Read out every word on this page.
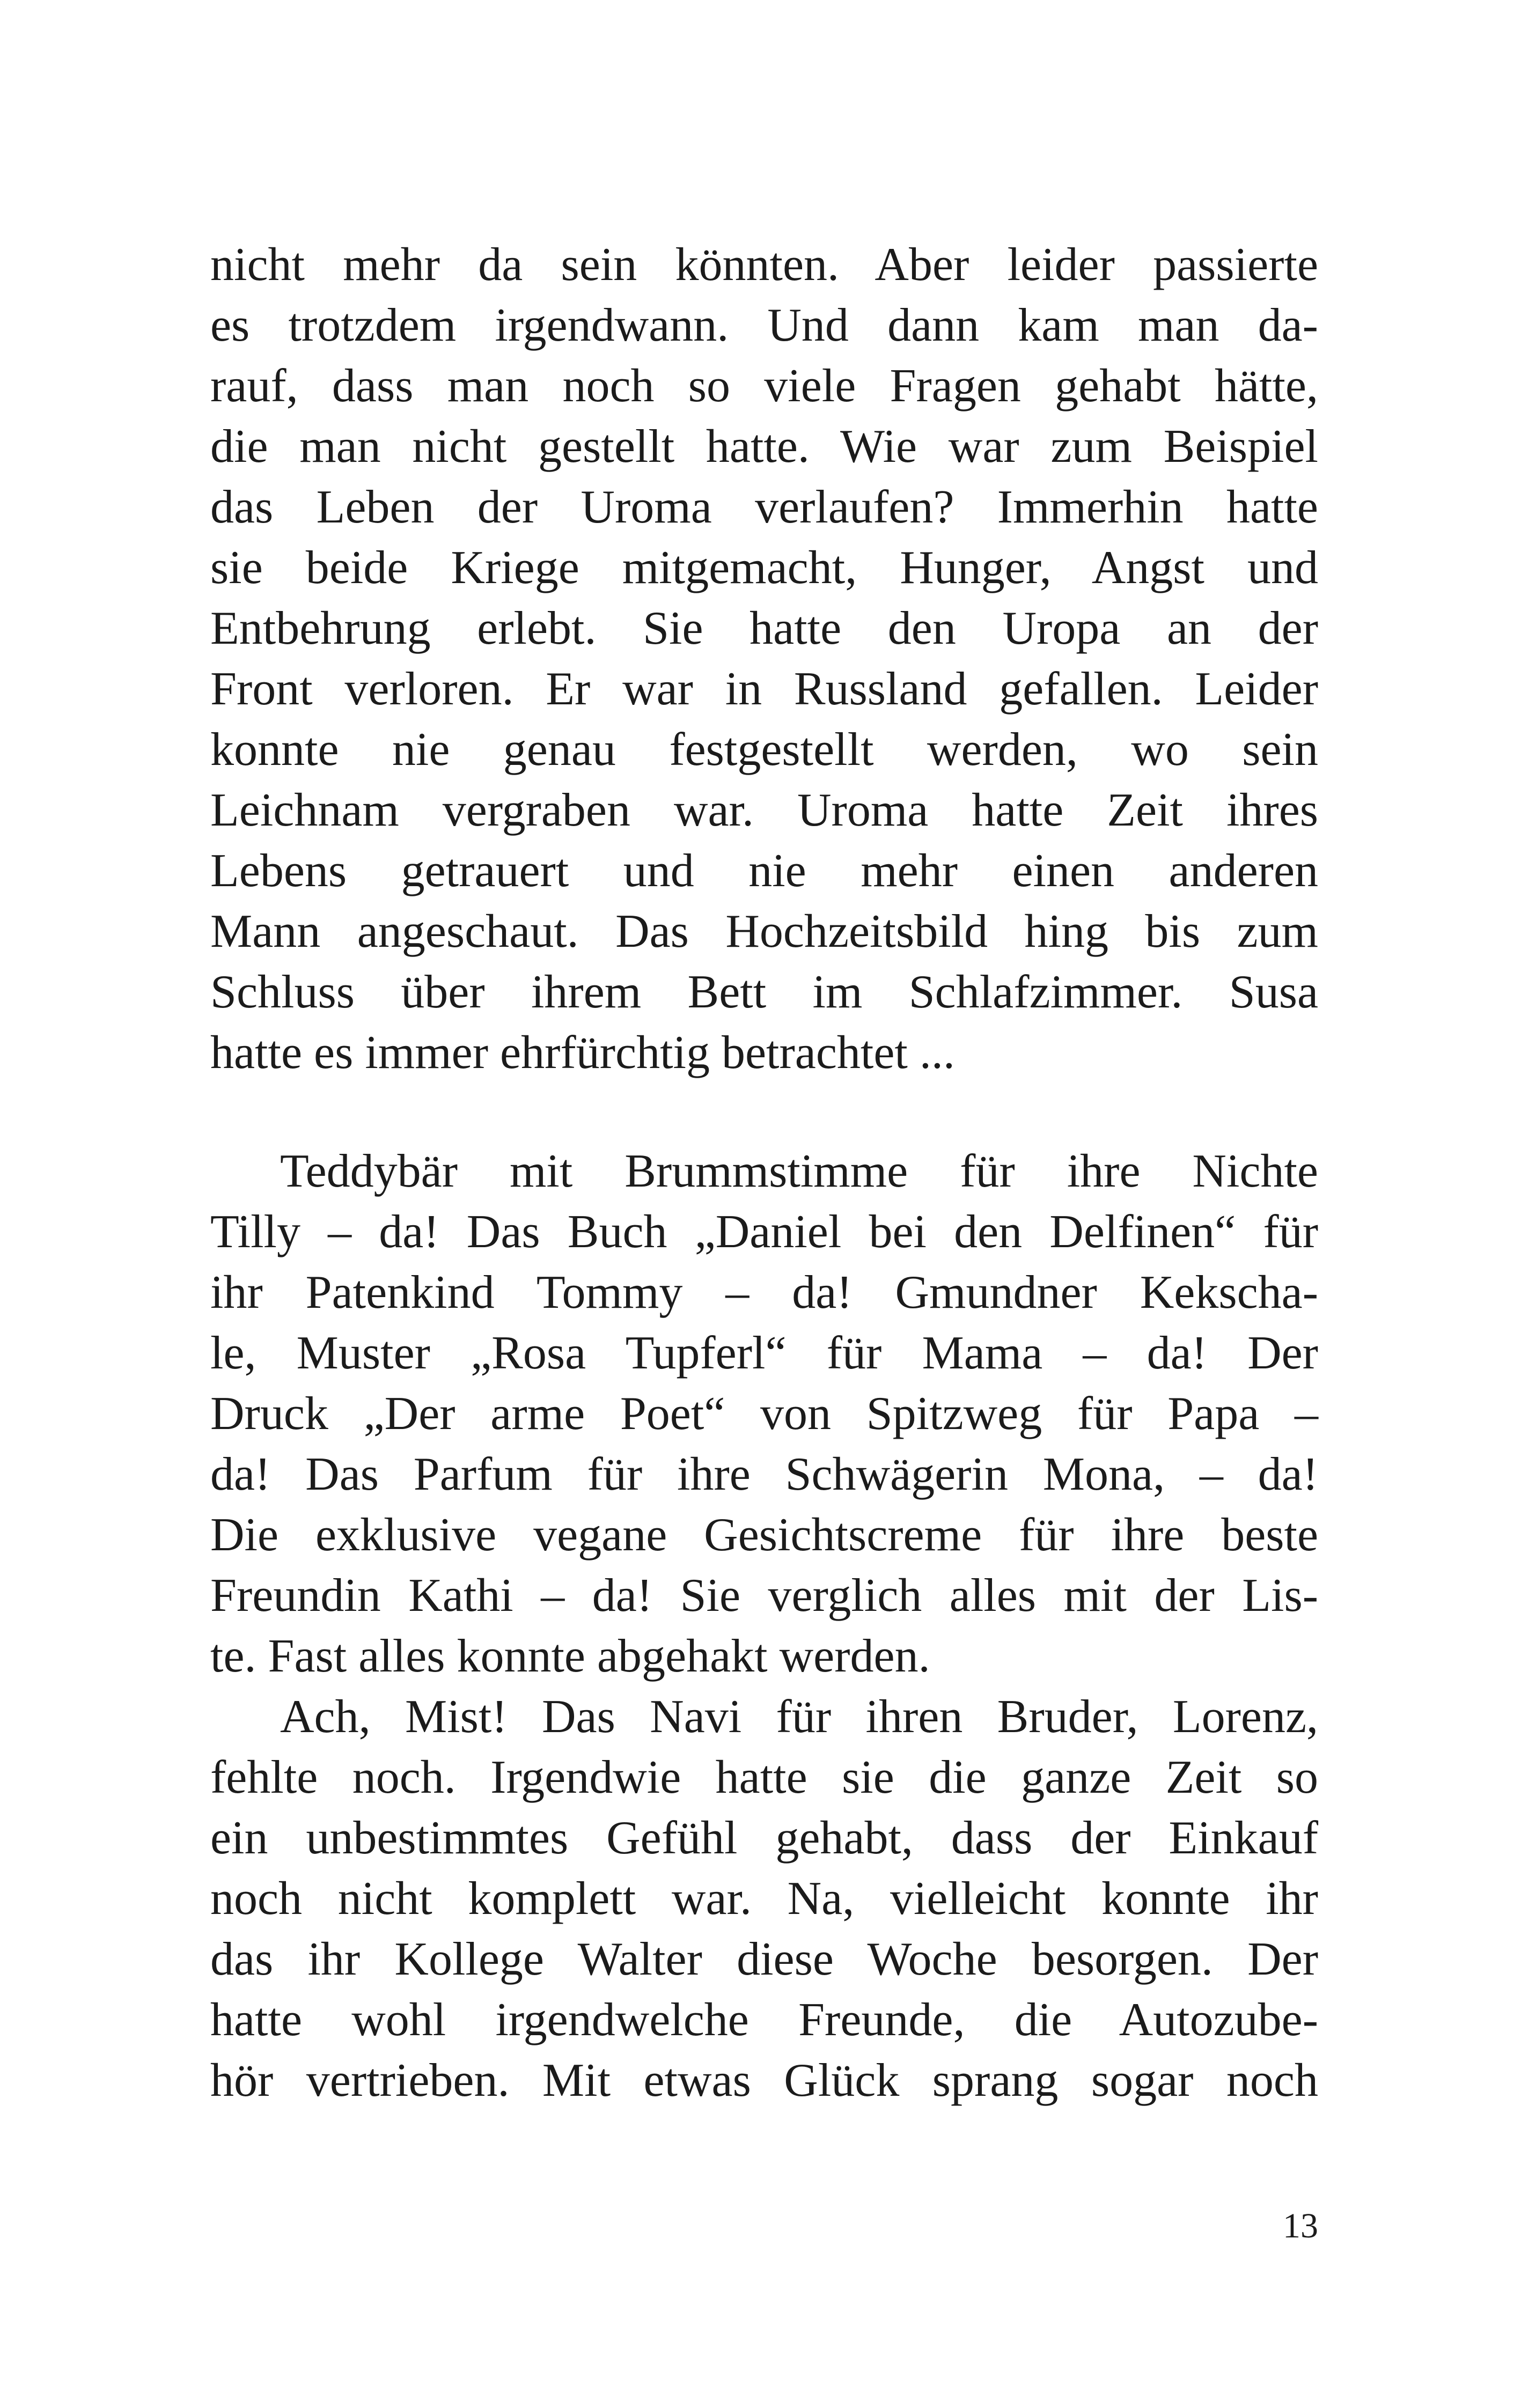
nicht mehr da sein könnten. Aber leider passierte
es trotzdem irgendwann. Und dann kam man da-
rauf, dass man noch so viele Fragen gehabt hätte,
die man nicht gestellt hatte. Wie war zum Beispiel
das Leben der Uroma verlaufen? Immerhin hatte
sie beide Kriege mitgemacht, Hunger, Angst und
Entbehrung erlebt. Sie hatte den Uropa an der
Front verloren. Er war in Russland gefallen. Leider
konnte nie genau festgestellt werden, wo sein
Leichnam vergraben war. Uroma hatte Zeit ihres
Lebens getrauert und nie mehr einen anderen
Mann angeschaut. Das Hochzeitsbild hing bis zum
Schluss über ihrem Bett im Schlafzimmer. Susa
hatte es immer ehrfürchtig betrachtet ...
Teddybär mit Brummstimme für ihre Nichte
Tilly – da! Das Buch „Daniel bei den Delfinen“ für
ihr Patenkind Tommy – da! Gmundner Kekscha-
le, Muster „Rosa Tupferl“ für Mama – da! Der
Druck „Der arme Poet“ von Spitzweg für Papa –
da! Das Parfum für ihre Schwägerin Mona, – da!
Die exklusive vegane Gesichtscreme für ihre beste
Freundin Kathi – da! Sie verglich alles mit der Lis-
te. Fast alles konnte abgehakt werden.
Ach, Mist! Das Navi für ihren Bruder, Lorenz,
fehlte noch. Irgendwie hatte sie die ganze Zeit so
ein unbestimmtes Gefühl gehabt, dass der Einkauf
noch nicht komplett war. Na, vielleicht konnte ihr
das ihr Kollege Walter diese Woche besorgen. Der
hatte wohl irgendwelche Freunde, die Autozube-
hör vertrieben. Mit etwas Glück sprang sogar noch
13
